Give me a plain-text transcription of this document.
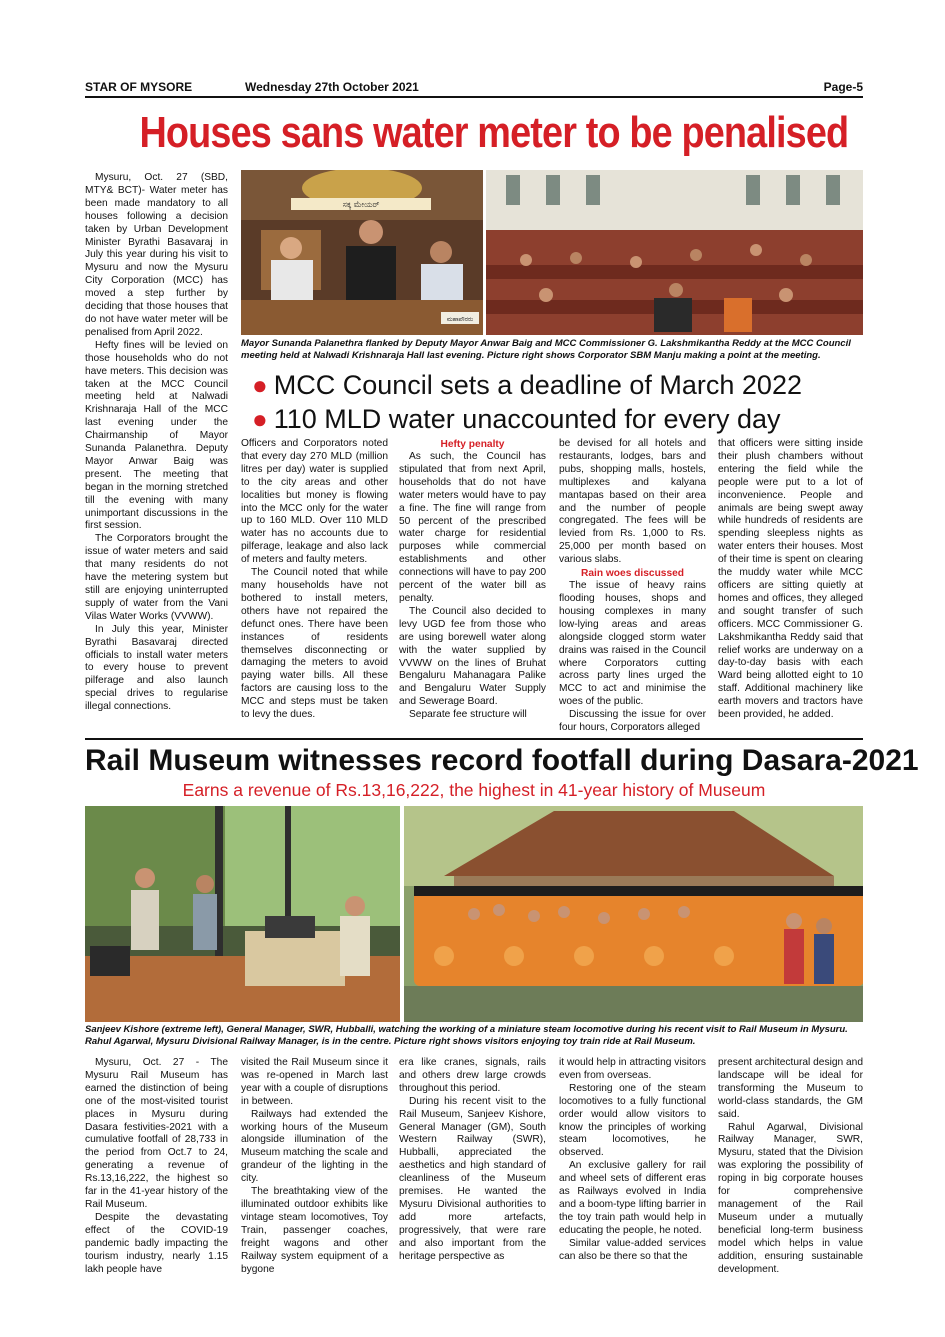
STAR OF MYSORE	Wednesday 27th October 2021	Page-5
Houses sans water meter to be penalised

Mysuru, Oct. 27 (SBD, MTY& BCT)- Water meter has been made mandatory to all houses following a decision taken by Urban Development Minister Byrathi Basavaraj in July this year during his visit to Mysuru and now the Mysuru City Corporation (MCC) has moved a step further by deciding that those houses that do not have water meter will be penalised from April 2022.

Hefty fines will be levied on those households who do not have meters. This decision was taken at the MCC Council meeting held at Nalwadi Krishnaraja Hall of the MCC last evening under the Chairmanship of Mayor Sunanda Palanethra. Deputy Mayor Anwar Baig was present. The meeting that began in the morning stretched till the evening with many unimportant discussions in the first session.

The Corporators brought the issue of water meters and said that many residents do not have the metering system but still are enjoying uninterrupted supply of water from the Vani Vilas Water Works (VVWW).

In July this year, Minister Byrathi Basavaraj directed officials to install water meters to every house to prevent pilferage and also launch special drives to regularise illegal connections.

ಸಕ್ಕ ಮೇಯರ್
ಮಹಾಪೌರರು
Mayor Sunanda Palanethra flanked by Deputy Mayor Anwar Baig and MCC Commissioner G. Lakshmikantha Reddy at the MCC Council meeting held at Nalwadi Krishnaraja Hall last evening. Picture right shows Corporator SBM Manju making a point at the meeting.
● MCC Council sets a deadline of March 2022
● 110 MLD water unaccounted for every day

Officers and Corporators noted that every day 270 MLD (million litres per day) water is supplied to the city areas and other localities but money is flowing into the MCC only for the water up to 160 MLD. Over 110 MLD water has no accounts due to pilferage, leakage and also lack of meters and faulty meters.

The Council noted that while many households have not bothered to install meters, others have not repaired the defunct ones. There have been instances of residents themselves disconnecting or damaging the meters to avoid paying water bills. All these factors are causing loss to the MCC and steps must be taken to levy the dues.

Hefty penalty

As such, the Council has stipulated that from next April, households that do not have water meters would have to pay a fine. The fine will range from 50 percent of the prescribed water charge for residential purposes while commercial establishments and other connections will have to pay 200 percent of the water bill as penalty.

The Council also decided to levy UGD fee from those who are using borewell water along with the water supplied by VVWW on the lines of Bruhat Bengaluru Mahanagara Palike and Bengaluru Water Supply and Sewerage Board.

Separate fee structure will

be devised for all hotels and restaurants, lodges, bars and pubs, shopping malls, hostels, multiplexes and kalyana mantapas based on their area and the number of people congregated. The fees will be levied from Rs. 1,000 to Rs. 25,000 per month based on various slabs.

Rain woes discussed

The issue of heavy rains flooding houses, shops and housing complexes in many low-lying areas and areas alongside clogged storm water drains was raised in the Council where Corporators cutting across party lines urged the MCC to act and minimise the woes of the public.

Discussing the issue for over four hours, Corporators alleged

that officers were sitting inside their plush chambers without entering the field while the people were put to a lot of inconvenience. People and animals are being swept away while hundreds of residents are spending sleepless nights as water enters their houses. Most of their time is spent on clearing the muddy water while MCC officers are sitting quietly at homes and offices, they alleged and sought transfer of such officers. MCC Commissioner G. Lakshmikantha Reddy said that relief works are underway on a day-to-day basis with each Ward being allotted eight to 10 staff. Additional machinery like earth movers and tractors have been provided, he added.

Rail Museum witnesses record footfall during Dasara-2021
Earns a revenue of Rs.13,16,222, the highest in 41-year history of Museum
Sanjeev Kishore (extreme left), General Manager, SWR, Hubballi, watching the working of a miniature steam locomotive during his recent visit to Rail Museum in Mysuru. Rahul Agarwal, Mysuru Divisional Railway Manager, is in the centre. Picture right shows visitors enjoying toy train ride at Rail Museum.

Mysuru, Oct. 27 - The Mysuru Rail Museum has earned the distinction of being one of the most-visited tourist places in Mysuru during Dasara festivities-2021 with a cumulative footfall of 28,733 in the period from Oct.7 to 24, generating a revenue of Rs.13,16,222, the highest so far in the 41-year history of the Rail Museum.

Despite the devastating effect of the COVID-19 pandemic badly impacting the tourism industry, nearly 1.15 lakh people have

visited the Rail Museum since it was re-opened in March last year with a couple of disruptions in between.

Railways had extended the working hours of the Museum alongside illumination of the Museum matching the scale and grandeur of the lighting in the city.

The breathtaking view of the illuminated outdoor exhibits like vintage steam locomotives, Toy Train, passenger coaches, freight wagons and other Railway system equipment of a bygone

era like cranes, signals, rails and others drew large crowds throughout this period.

During his recent visit to the Rail Museum, Sanjeev Kishore, General Manager (GM), South Western Railway (SWR), Hubballi, appreciated the aesthetics and high standard of cleanliness of the Museum premises. He wanted the Mysuru Divisional authorities to add more artefacts, progressively, that were rare and also important from the heritage perspective as

it would help in attracting visitors even from overseas.

Restoring one of the steam locomotives to a fully functional order would allow visitors to know the principles of working steam locomotives, he observed.

An exclusive gallery for rail and wheel sets of different eras as Railways evolved in India and a boom-type lifting barrier in the toy train path would help in educating the people, he noted.

Similar value-added services can also be there so that the

present architectural design and landscape will be ideal for transforming the Museum to world-class standards, the GM said.

Rahul Agarwal, Divisional Railway Manager, SWR, Mysuru, stated that the Division was exploring the possibility of roping in big corporate houses for comprehensive management of the Rail Museum under a mutually beneficial long-term business model which helps in value addition, ensuring sustainable development.
